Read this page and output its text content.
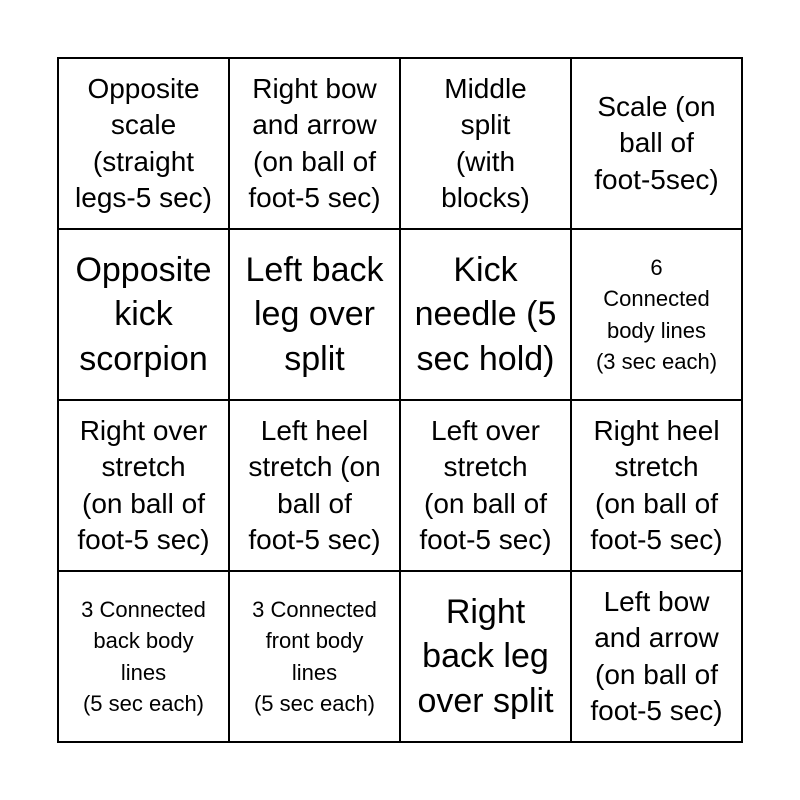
Opposite
scale
(straight
legs-5 sec)
Right bow
and arrow
(on ball of
foot-5 sec)
Middle
split
(with
blocks)
Scale (on
ball of
foot-5sec)
Opposite
kick
scorpion
Left back
leg over
split
Kick
needle (5
sec hold)
6
Connected
body lines
(3 sec each)
Right over
stretch
(on ball of
foot-5 sec)
Left heel
stretch (on
ball of
foot-5 sec)
Left over
stretch
(on ball of
foot-5 sec)
Right heel
stretch
(on ball of
foot-5 sec)
3 Connected
back body
lines
(5 sec each)
3 Connected
front body
lines
(5 sec each)
Right
back leg
over split
Left bow
and arrow
(on ball of
foot-5 sec)
